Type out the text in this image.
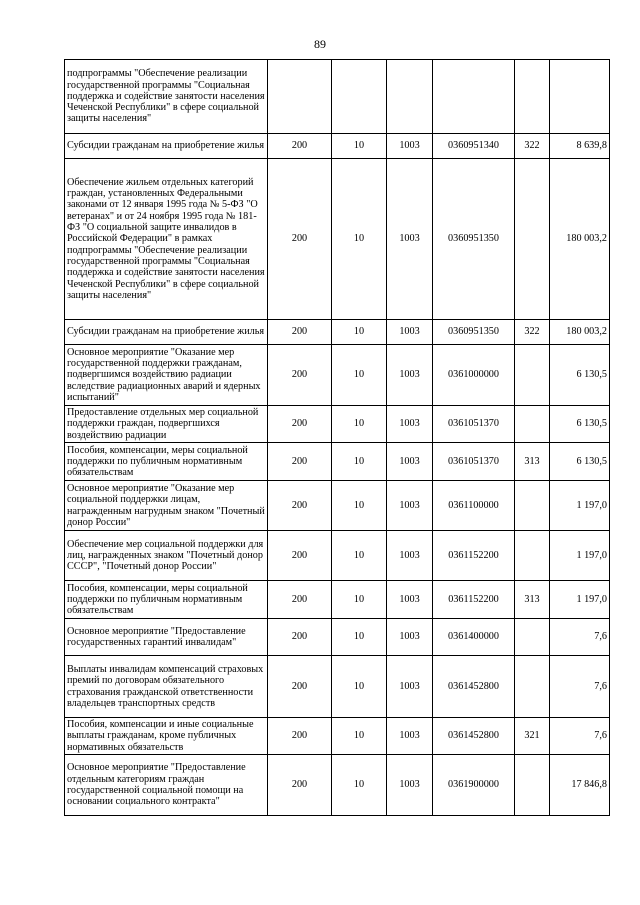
89
подпрограммы "Обеспечение реализации государственной программы "Социальная поддержка и содействие занятости населения Чеченской Республики" в сфере социальной защиты населения"						
Субсидии гражданам на приобретение жилья	200	10	1003	0360951340	322	8 639,8
Обеспечение жильем отдельных категорий граждан, установленных Федеральными законами от 12 января 1995 года № 5-ФЗ "О ветеранах" и от 24 ноября 1995 года № 181-ФЗ "О социальной защите инвалидов в Российской Федерации" в рамках подпрограммы "Обеспечение реализации государственной программы "Социальная поддержка и содействие занятости населения Чеченской Республики" в сфере социальной защиты населения"	200	10	1003	0360951350		180 003,2
Субсидии гражданам на приобретение жилья	200	10	1003	0360951350	322	180 003,2
Основное мероприятие "Оказание мер государственной поддержки гражданам, подвергшимся воздействию радиации вследствие радиационных аварий и ядерных испытаний"	200	10	1003	0361000000		6 130,5
Предоставление отдельных мер социальной поддержки граждан, подвергшихся воздействию радиации	200	10	1003	0361051370		6 130,5
Пособия, компенсации, меры социальной поддержки по публичным нормативным обязательствам	200	10	1003	0361051370	313	6 130,5
Основное мероприятие "Оказание мер социальной поддержки лицам, награжденным нагрудным знаком "Почетный донор России"	200	10	1003	0361100000		1 197,0
Обеспечение мер социальной поддержки для лиц, награжденных знаком "Почетный донор СССР", "Почетный донор России"	200	10	1003	0361152200		1 197,0
Пособия, компенсации, меры социальной поддержки по публичным нормативным обязательствам	200	10	1003	0361152200	313	1 197,0
Основное мероприятие "Предоставление государственных гарантий инвалидам"	200	10	1003	0361400000		7,6
Выплаты инвалидам компенсаций страховых премий по договорам обязательного страхования гражданской ответственности владельцев транспортных средств	200	10	1003	0361452800		7,6
Пособия, компенсации и иные социальные выплаты гражданам, кроме публичных нормативных обязательств	200	10	1003	0361452800	321	7,6
Основное мероприятие "Предоставление отдельным категориям граждан государственной социальной помощи на основании социального контракта"	200	10	1003	0361900000		17 846,8
